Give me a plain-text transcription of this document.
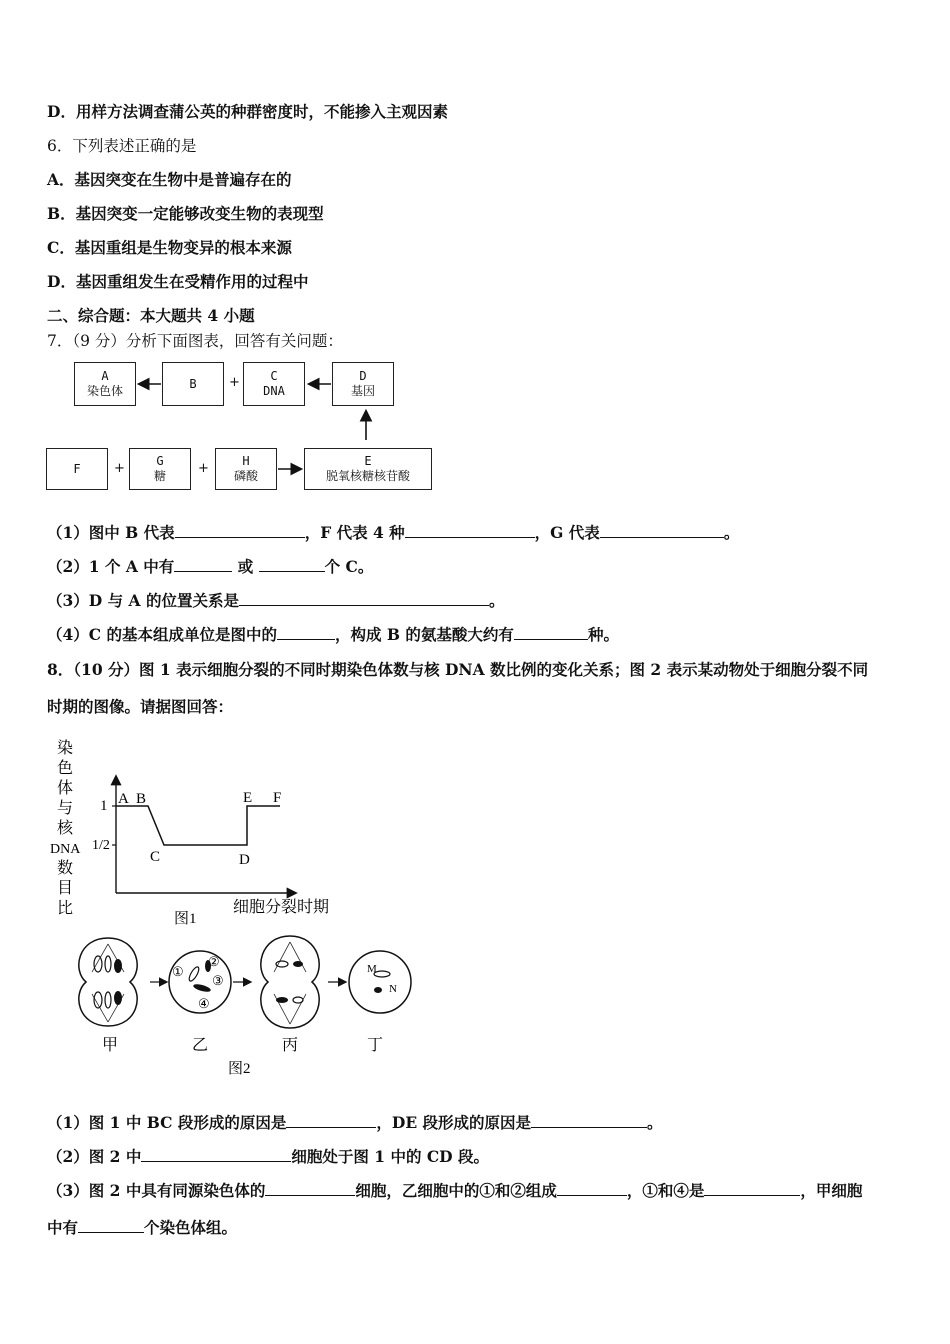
D．用样方法调查蒲公英的种群密度时，不能掺入主观因素
6．下列表述正确的是
A．基因突变在生物中是普遍存在的
B．基因突变一定能够改变生物的表现型
C．基因重组是生物变异的根本来源
D．基因重组发生在受精作用的过程中
二、综合题：本大题共 4 小题
7．（9 分）分析下面图表，回答有关问题：
A
染色体
B	+	C
DNA
D
基因
F	+	G
糖	+	H
磷酸
E
脱氧核糖核苷酸
（1）图中 B 代表	，F 代表 4 种	，G 代表	。
（2）1 个 A 中有	或	个 C。
（3）D 与 A 的位置关系是	。
（4）C 的基本组成单位是图中的	，构成 B 的氨基酸大约有	种。
8．（10 分）图 1 表示细胞分裂的不同时期染色体数与核 DNA 数比例的变化关系；图 2 表示某动物处于细胞分裂不同
时期的图像。请据图回答：
染
色
体
与
核
DNA
数
目
比
1
1/2
A B
C	D
E F
细胞分裂时期
图1
甲
①
②
③
④
乙	丙
M
N
丁
图2
（1）图 1 中 BC 段形成的原因是	，DE 段形成的原因是	。
（2）图 2 中	细胞处于图 1 中的 CD 段。
（3）图 2 中具有同源染色体的	细胞，乙细胞中的①和②组成	，①和④是	，甲细胞
中有	个染色体组。
